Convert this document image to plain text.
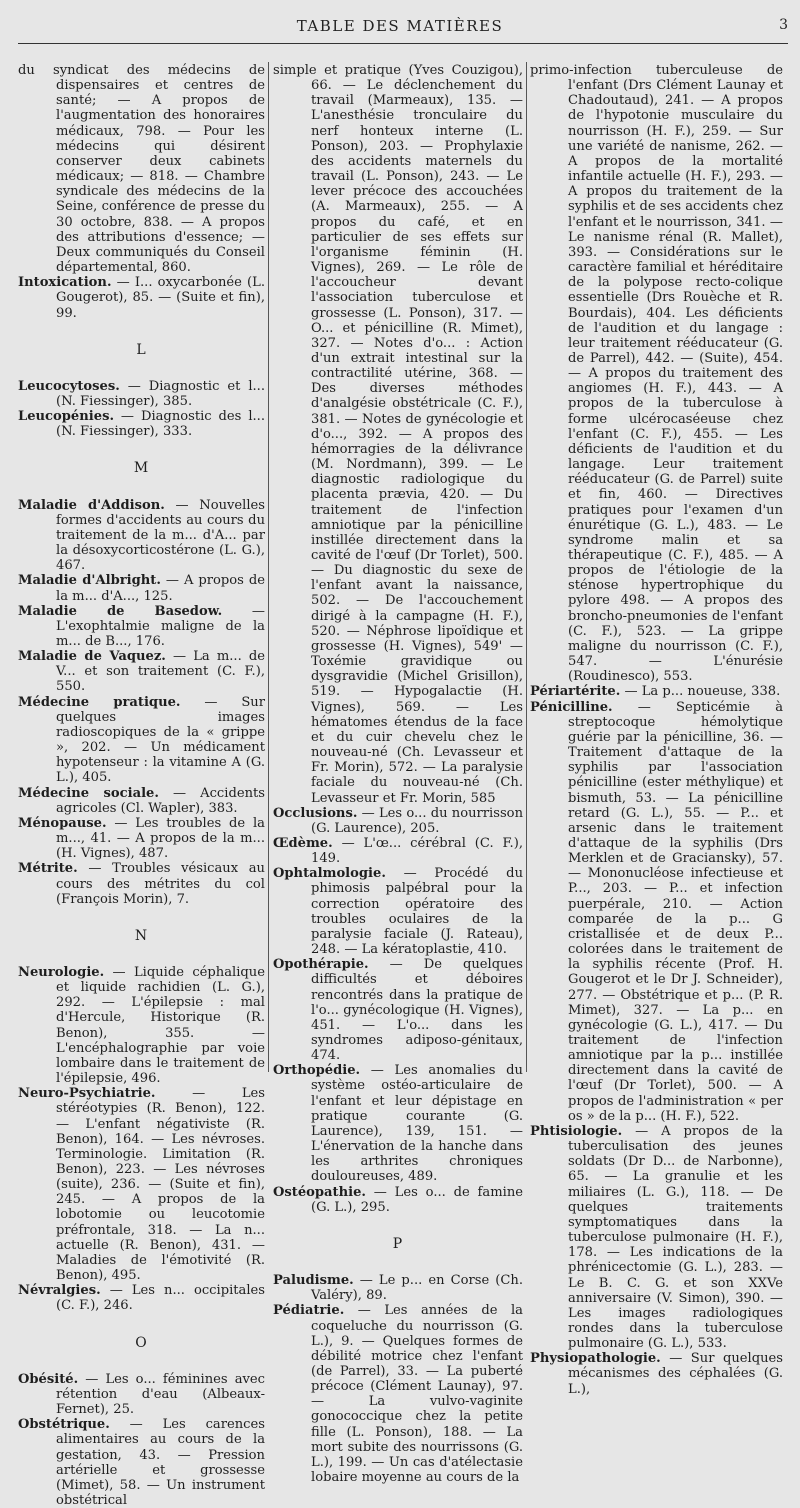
TABLE DES MATIÈRES	3

du syndicat des médecins de dispensaires et centres de santé; — A propos de l'augmentation des honoraires médicaux, 798. — Pour les médecins qui désirent conserver deux cabinets médicaux; — 818. — Chambre syndicale des médecins de la Seine, conférence de presse du 30 octobre, 838. — A propos des attributions d'essence; — Deux communiqués du Conseil départemental, 860.

Intoxication. — I... oxycarbonée (L. Gougerot), 85. — (Suite et fin), 99.

L

Leucocytoses. — Diagnostic et l... (N. Fiessinger), 385.

Leucopénies. — Diagnostic des l... (N. Fiessinger), 333.

M

Maladie d'Addison. — Nouvelles formes d'accidents au cours du traitement de la m... d'A... par la désoxycorticostérone (L. G.), 467.

Maladie d'Albright. — A propos de la m... d'A..., 125.

Maladie de Basedow. — L'exophtalmie maligne de la m... de B..., 176.

Maladie de Vaquez. — La m... de V... et son traitement (C. F.), 550.

Médecine pratique. — Sur quelques images radioscopiques de la « grippe », 202. — Un médicament hypotenseur : la vitamine A (G. L.), 405.

Médecine sociale. — Accidents agricoles (Cl. Wapler), 383.

Ménopause. — Les troubles de la m..., 41. — A propos de la m... (H. Vignes), 487.

Métrite. — Troubles vésicaux au cours des métrites du col (François Morin), 7.

N

Neurologie. — Liquide céphalique et liquide rachidien (L. G.), 292. — L'épilepsie : mal d'Hercule, Historique (R. Benon), 355. — L'encéphalographie par voie lombaire dans le traitement de l'épilepsie, 496.

Neuro-Psychiatrie. — Les stéréotypies (R. Benon), 122. — L'enfant négativiste (R. Benon), 164. — Les névroses. Terminologie. Limitation (R. Benon), 223. — Les névroses (suite), 236. — (Suite et fin), 245. — A propos de la lobotomie ou leucotomie préfrontale, 318. — La n... actuelle (R. Benon), 431. — Maladies de l'émotivité (R. Benon), 495.

Névralgies. — Les n... occipitales (C. F.), 246.

O

Obésité. — Les o... féminines avec rétention d'eau (Albeaux-Fernet), 25.

Obstétrique. — Les carences alimentaires au cours de la gestation, 43. — Pression artérielle et grossesse (Mimet), 58. — Un instrument obstétrical

simple et pratique (Yves Couzigou), 66. — Le déclenchement du travail (Marmeaux), 135. — L'anesthésie tronculaire du nerf honteux interne (L. Ponson), 203. — Prophylaxie des accidents maternels du travail (L. Ponson), 243. — Le lever précoce des accouchées (A. Marmeaux), 255. — A propos du café, et en particulier de ses effets sur l'organisme féminin (H. Vignes), 269. — Le rôle de l'accoucheur devant l'association tuberculose et grossesse (L. Ponson), 317. — O... et pénicilline (R. Mimet), 327. — Notes d'o... : Action d'un extrait intestinal sur la contractilité utérine, 368. — Des diverses méthodes d'analgésie obstétricale (C. F.), 381. — Notes de gynécologie et d'o..., 392. — A propos des hémorragies de la délivrance (M. Nordmann), 399. — Le diagnostic radiologique du placenta prævia, 420. — Du traitement de l'infection amniotique par la pénicilline instillée directement dans la cavité de l'œuf (Dr Torlet), 500. — Du diagnostic du sexe de l'enfant avant la naissance, 502. — De l'accouchement dirigé à la campagne (H. F.), 520. — Néphrose lipoïdique et grossesse (H. Vignes), 549' — Toxémie gravidique ou dysgravidie (Michel Grisillon), 519. — Hypogalactie (H. Vignes), 569. — Les hématomes étendus de la face et du cuir chevelu chez le nouveau-né (Ch. Levasseur et Fr. Morin), 572. — La paralysie faciale du nouveau-né (Ch. Levasseur et Fr. Morin, 585

Occlusions. — Les o... du nourrisson (G. Laurence), 205.

Œdème. — L'œ... cérébral (C. F.), 149.

Ophtalmologie. — Procédé du phimosis palpébral pour la correction opératoire des troubles oculaires de la paralysie faciale (J. Rateau), 248. — La kératoplastie, 410.

Opothérapie. — De quelques difficultés et déboires rencontrés dans la pratique de l'o... gynécologique (H. Vignes), 451. — L'o... dans les syndromes adiposo-génitaux, 474.

Orthopédie. — Les anomalies du système ostéo-articulaire de l'enfant et leur dépistage en pratique courante (G. Laurence), 139, 151. — L'énervation de la hanche dans les arthrites chroniques douloureuses, 489.

Ostéopathie. — Les o... de famine (G. L.), 295.

P

Paludisme. — Le p... en Corse (Ch. Valéry), 89.

Pédiatrie. — Les années de la coqueluche du nourrisson (G. L.), 9. — Quelques formes de débilité motrice chez l'enfant (de Parrel), 33. — La puberté précoce (Clément Launay), 97. — La vulvo-vaginite gonococcique chez la petite fille (L. Ponson), 188. — La mort subite des nourrissons (G. L.), 199. — Un cas d'atélectasie lobaire moyenne au cours de la

primo-infection tuberculeuse de l'enfant (Drs Clément Launay et Chadoutaud), 241. — A propos de l'hypotonie musculaire du nourrisson (H. F.), 259. — Sur une variété de nanisme, 262. — A propos de la mortalité infantile actuelle (H. F.), 293. — A propos du traitement de la syphilis et de ses accidents chez l'enfant et le nourrisson, 341. — Le nanisme rénal (R. Mallet), 393. — Considérations sur le caractère familial et héréditaire de la polypose recto-colique essentielle (Drs Rouèche et R. Bourdais), 404. Les déficients de l'audition et du langage : leur traitement rééducateur (G. de Parrel), 442. — (Suite), 454. — A propos du traitement des angiomes (H. F.), 443. — A propos de la tuberculose à forme ulcérocaséeuse chez l'enfant (C. F.), 455. — Les déficients de l'audition et du langage. Leur traitement rééducateur (G. de Parrel) suite et fin, 460. — Directives pratiques pour l'examen d'un énurétique (G. L.), 483. — Le syndrome malin et sa thérapeutique (C. F.), 485. — A propos de l'étiologie de la sténose hypertrophique du pylore 498. — A propos des broncho-pneumonies de l'enfant (C. F.), 523. — La grippe maligne du nourrisson (C. F.), 547. — L'énurésie (Roudinesco), 553.

Périartérite. — La p... noueuse, 338.

Pénicilline. — Septicémie à streptocoque hémolytique guérie par la pénicilline, 36. — Traitement d'attaque de la syphilis par l'association pénicilline (ester méthylique) et bismuth, 53. — La pénicilline retard (G. L.), 55. — P... et arsenic dans le traitement d'attaque de la syphilis (Drs Merklen et de Graciansky), 57. — Mononucléose infectieuse et P..., 203. — P... et infection puerpérale, 210. — Action comparée de la p... G cristallisée et de deux P... colorées dans le traitement de la syphilis récente (Prof. H. Gougerot et le Dr J. Schneider), 277. — Obstétrique et p... (P. R. Mimet), 327. — La p... en gynécologie (G. L.), 417. — Du traitement de l'infection amniotique par la p... instillée directement dans la cavité de l'œuf (Dr Torlet), 500. — A propos de l'administration « per os » de la p... (H. F.), 522.

Phtisiologie. — A propos de la tuberculisation des jeunes soldats (Dr D... de Narbonne), 65. — La granulie et les miliaires (L. G.), 118. — De quelques traitements symptomatiques dans la tuberculose pulmonaire (H. F.), 178. — Les indications de la phrénicectomie (G. L.), 283. — Le B. C. G. et son XXVe anniversaire (V. Simon), 390. — Les images radiologiques rondes dans la tuberculose pulmonaire (G. L.), 533.

Physiopathologie. — Sur quelques mécanismes des céphalées (G. L.),
